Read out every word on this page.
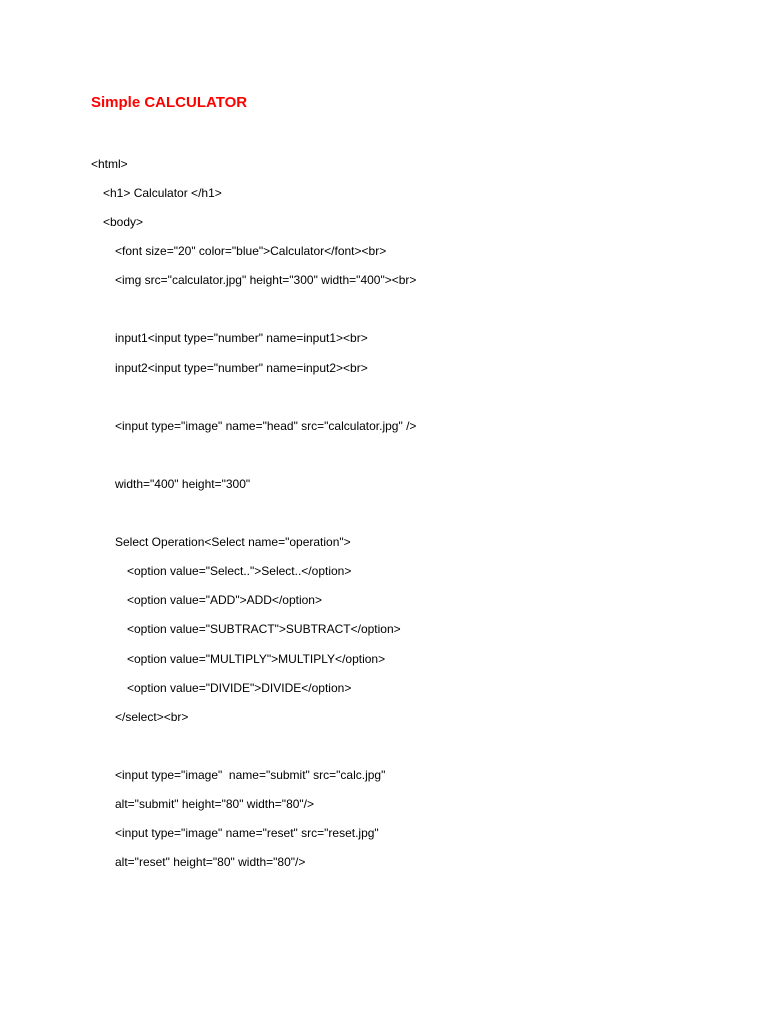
Simple CALCULATOR
<html>
<h1> Calculator </h1>
<body>
<font size="20" color="blue">Calculator</font><br>
<img src="calculator.jpg" height="300" width="400"><br>
input1<input type="number" name=input1><br>
input2<input type="number" name=input2><br>
<input type="image" name="head" src="calculator.jpg" />
width="400" height="300"
Select Operation<Select name="operation">
<option value="Select..">Select..</option>
<option value="ADD">ADD</option>
<option value="SUBTRACT">SUBTRACT</option>
<option value="MULTIPLY">MULTIPLY</option>
<option value="DIVIDE">DIVIDE</option>
</select><br>
<input type="image"  name="submit" src="calc.jpg"
alt="submit" height="80" width="80"/>
<input type="image" name="reset" src="reset.jpg"
alt="reset" height="80" width="80"/>
